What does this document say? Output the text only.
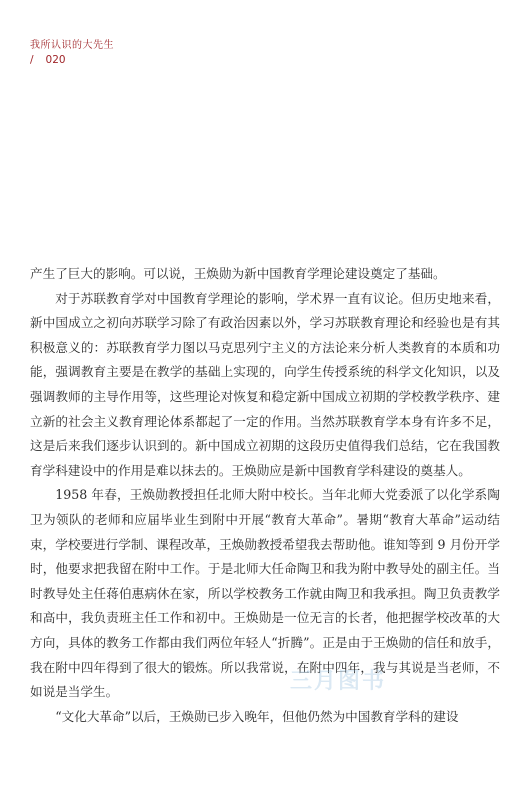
我所认识的大先生
/ 020

产生了巨大的影响。可以说，王焕勋为新中国教育学理论建设奠定了基础。

对于苏联教育学对中国教育学理论的影响，学术界一直有议论。但历史地来看，新中国成立之初向苏联学习除了有政治因素以外，学习苏联教育理论和经验也是有其积极意义的：苏联教育学力图以马克思列宁主义的方法论来分析人类教育的本质和功能，强调教育主要是在教学的基础上实现的，向学生传授系统的科学文化知识，以及强调教师的主导作用等，这些理论对恢复和稳定新中国成立初期的学校教学秩序、建立新的社会主义教育理论体系都起了一定的作用。当然苏联教育学本身有许多不足，这是后来我们逐步认识到的。新中国成立初期的这段历史值得我们总结，它在我国教育学科建设中的作用是难以抹去的。王焕勋应是新中国教育学科建设的奠基人。

1958 年春，王焕勋教授担任北师大附中校长。当年北师大党委派了以化学系陶卫为领队的老师和应届毕业生到附中开展“教育大革命”。暑期“教育大革命”运动结束，学校要进行学制、课程改革，王焕勋教授希望我去帮助他。谁知等到 9 月份开学时，他要求把我留在附中工作。于是北师大任命陶卫和我为附中教导处的副主任。当时教导处主任蒋伯惠病休在家，所以学校教务工作就由陶卫和我承担。陶卫负责教学和高中，我负责班主任工作和初中。王焕勋是一位无言的长者，他把握学校改革的大方向，具体的教务工作都由我们两位年轻人“折腾”。正是由于王焕勋的信任和放手，我在附中四年得到了很大的锻炼。所以我常说，在附中四年，我与其说是当老师，不如说是当学生。

“文化大革命”以后，王焕勋已步入晚年，但他仍然为中国教育学科的建设

三月图书
